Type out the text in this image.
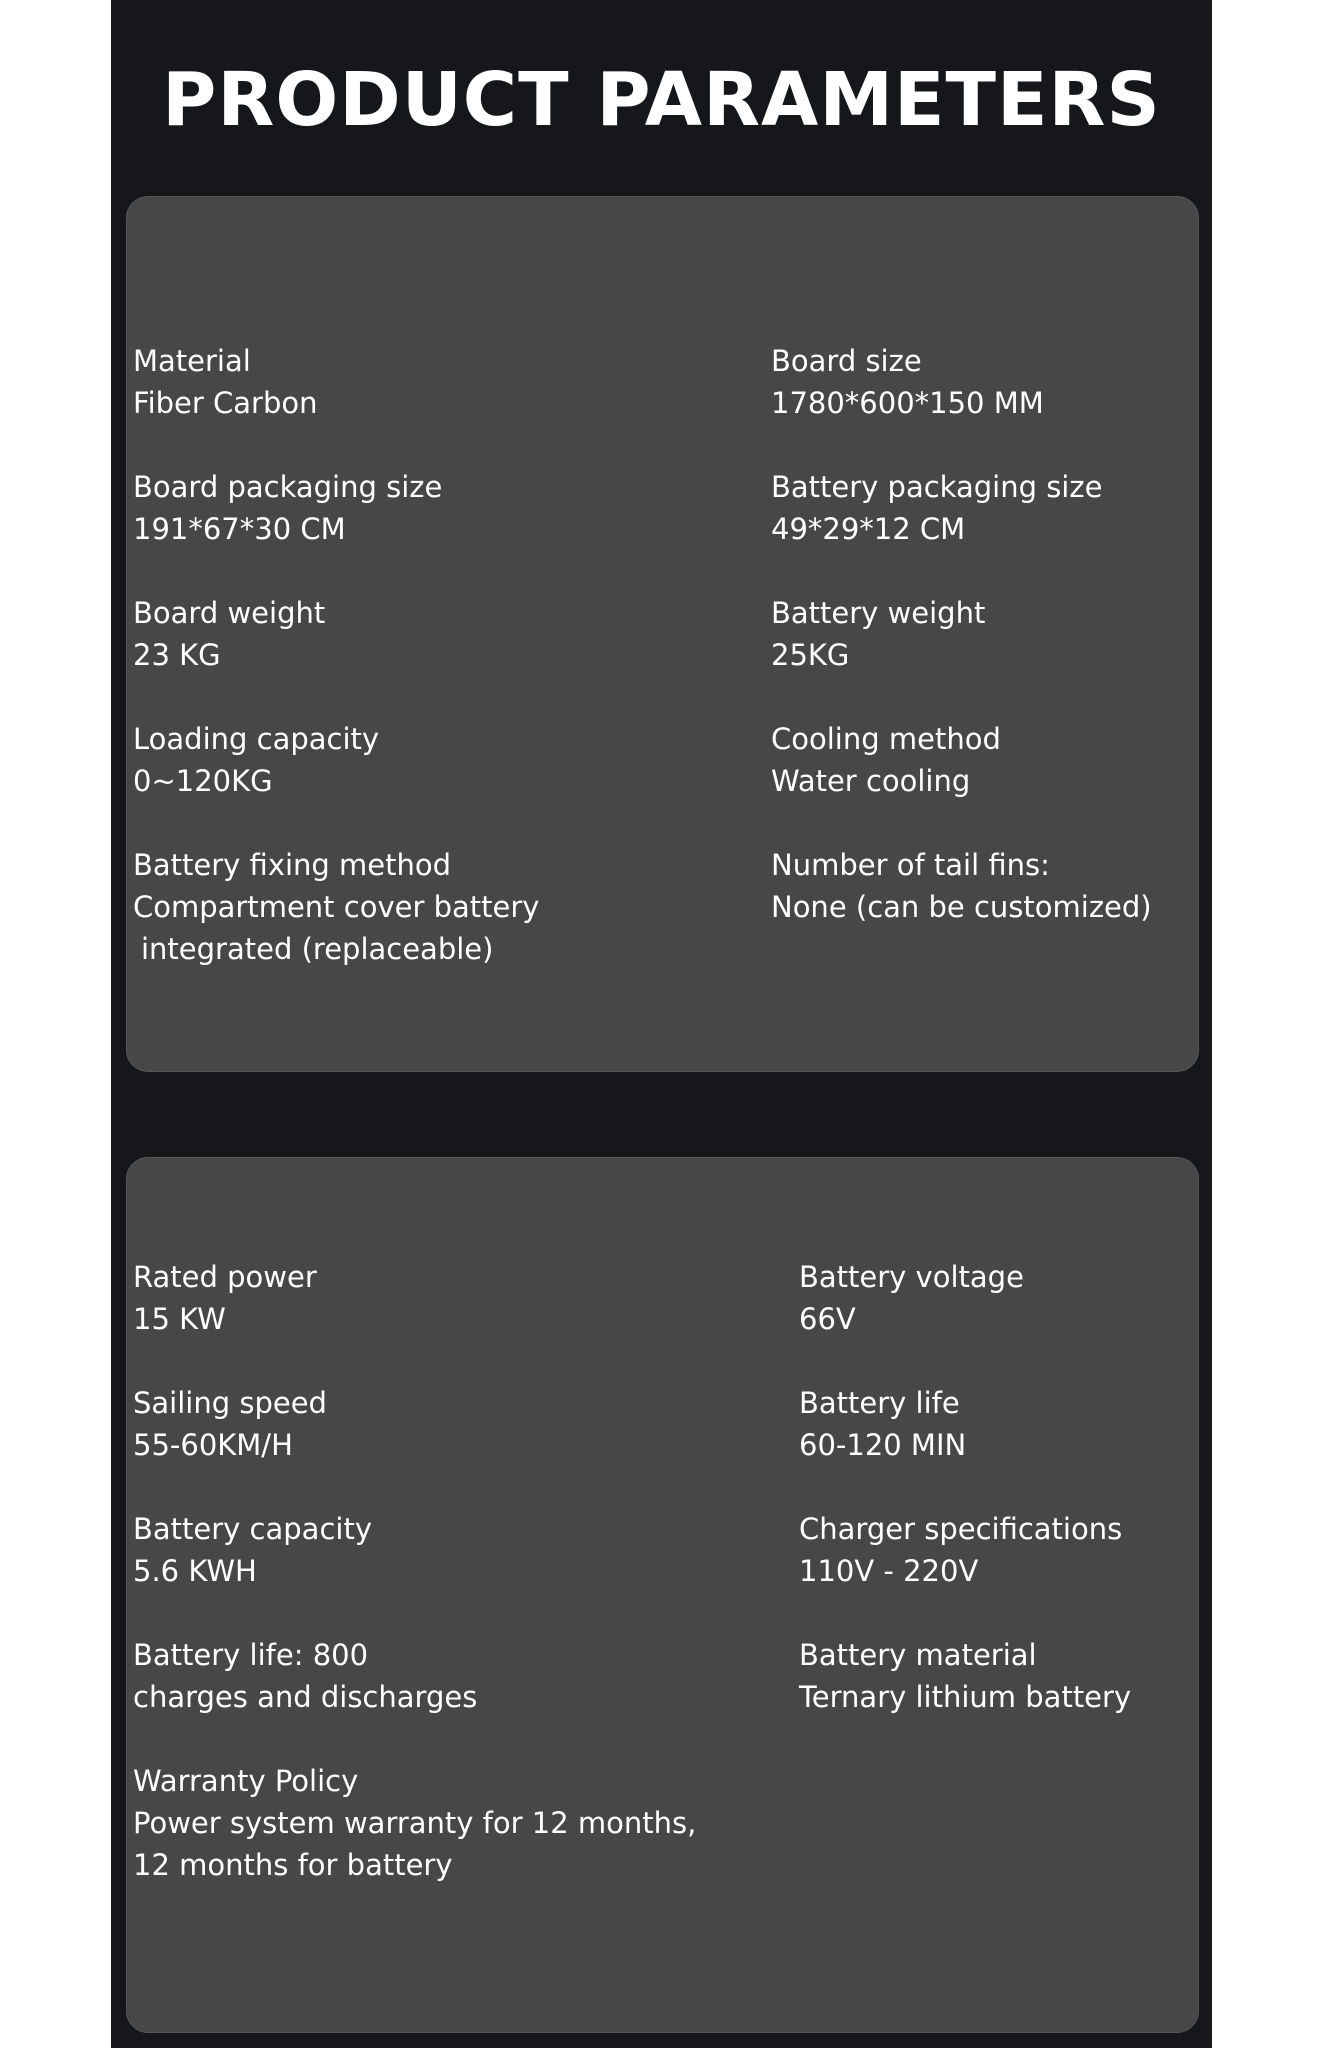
PRODUCT PARAMETERS
Material
Fiber Carbon
Board size
1780*600*150 MM
Board packaging size
191*67*30 CM
Battery packaging size
49*29*12 CM
Board weight
23 KG
Battery weight
25KG
Loading capacity
0~120KG
Cooling method
Water cooling
Battery fixing method
Compartment cover battery
integrated (replaceable)
Number of tail fins:
None (can be customized)
Rated power
15 KW
Battery voltage
66V
Sailing speed
55-60KM/H
Battery life
60-120 MIN
Battery capacity
5.6 KWH
Charger specifications
110V - 220V
Battery life: 800
charges and discharges
Battery material
Ternary lithium battery
Warranty Policy
Power system warranty for 12 months,
12 months for battery
